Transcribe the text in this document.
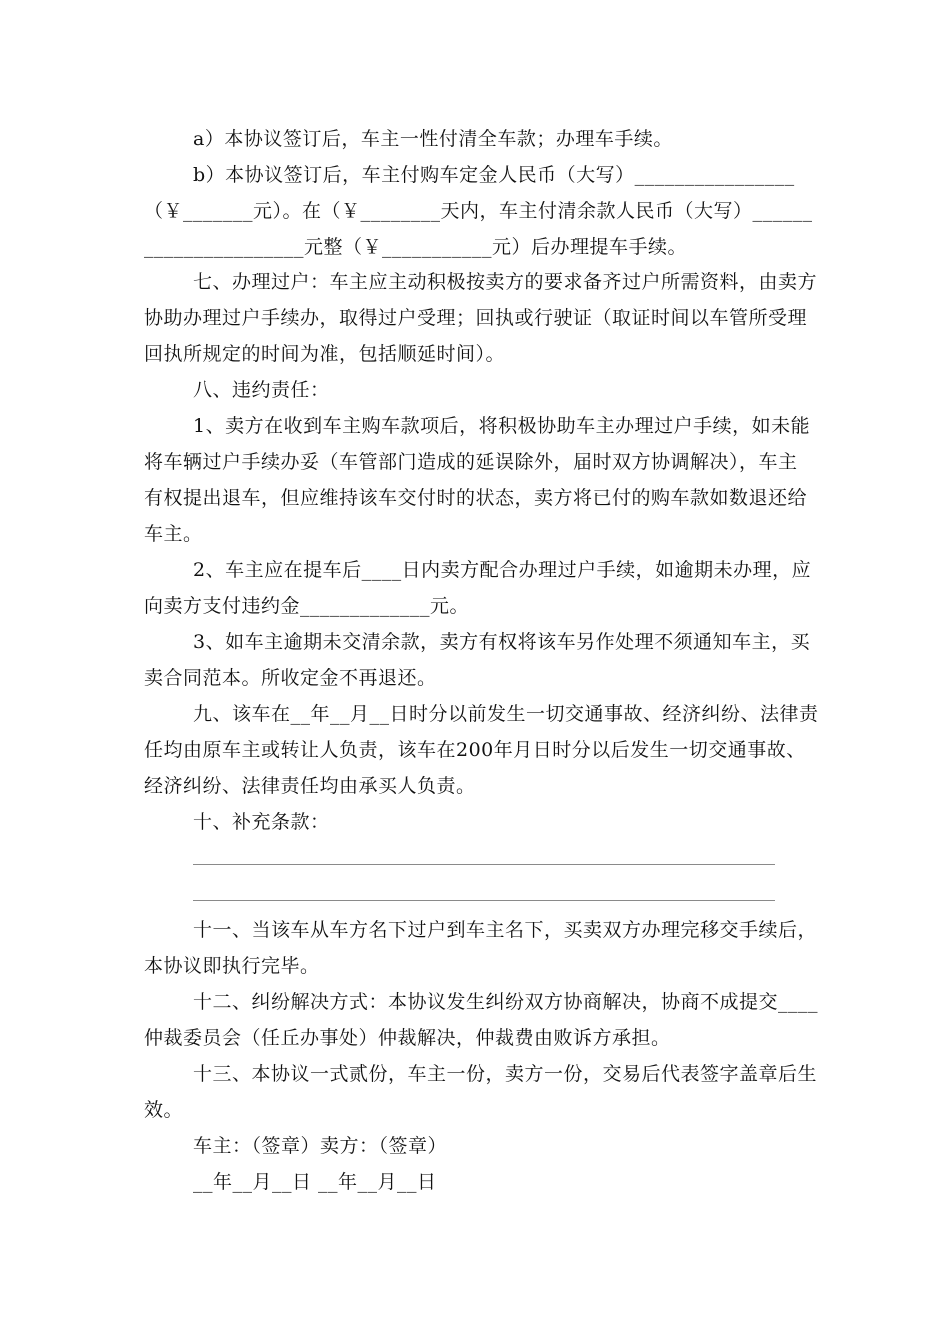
a）本协议签订后，车主一性付清全车款；办理车手续。
b）本协议签订后，车主付购车定金人民币（大写）________________
（￥_______元）。在（￥________天内，车主付清余款人民币（大写）______
________________元整（￥___________元）后办理提车手续。
七、办理过户：车主应主动积极按卖方的要求备齐过户所需资料，由卖方
协助办理过户手续办，取得过户受理；回执或行驶证（取证时间以车管所受理
回执所规定的时间为准，包括顺延时间）。
八、违约责任：
1、卖方在收到车主购车款项后，将积极协助车主办理过户手续，如未能
将车辆过户手续办妥（车管部门造成的延误除外，届时双方协调解决），车主
有权提出退车，但应维持该车交付时的状态，卖方将已付的购车款如数退还给
车主。
2、车主应在提车后____日内卖方配合办理过户手续，如逾期未办理，应
向卖方支付违约金_____________元。
3、如车主逾期未交清余款，卖方有权将该车另作处理不须通知车主，买
卖合同范本。所收定金不再退还。
九、该车在__年__月__日时分以前发生一切交通事故、经济纠纷、法律责
任均由原车主或转让人负责，该车在200年月日时分以后发生一切交通事故、
经济纠纷、法律责任均由承买人负责。
十、补充条款：
十一、当该车从车方名下过户到车主名下，买卖双方办理完移交手续后，
本协议即执行完毕。
十二、纠纷解决方式：本协议发生纠纷双方协商解决，协商不成提交____
仲裁委员会（任丘办事处）仲裁解决，仲裁费由败诉方承担。
十三、本协议一式贰份，车主一份，卖方一份，交易后代表签字盖章后生
效。
车主：（签章）卖方：（签章）
__年__月__日 __年__月__日
